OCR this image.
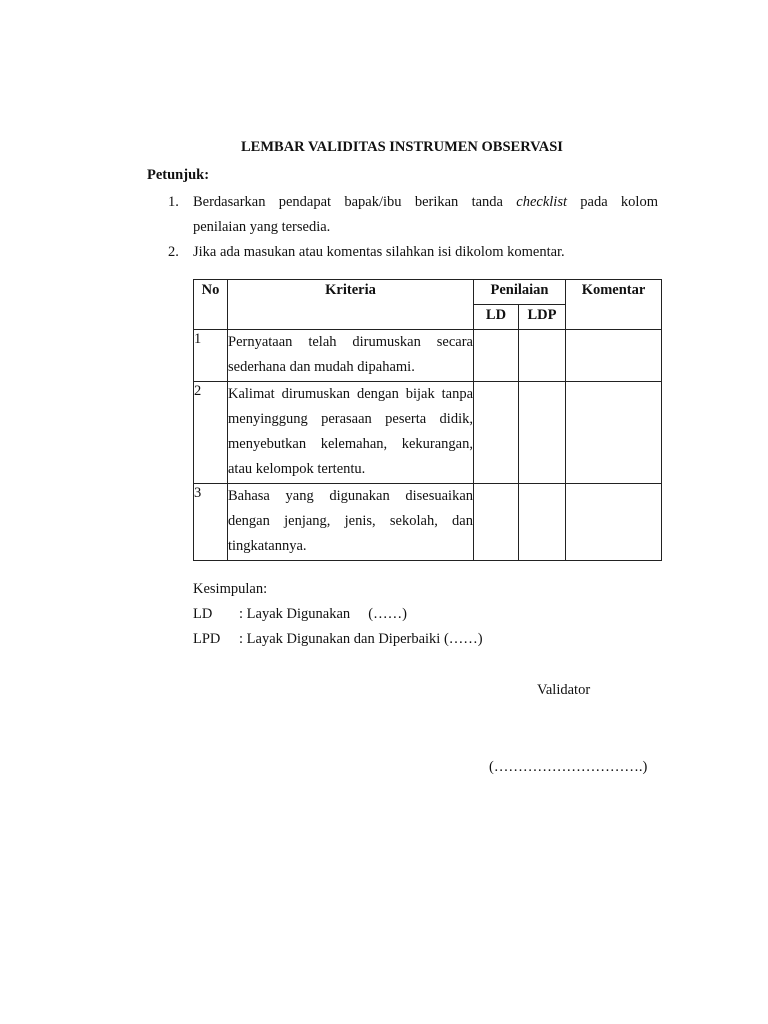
LEMBAR VALIDITAS INSTRUMEN OBSERVASI
Petunjuk:
1. Berdasarkan pendapat bapak/ibu berikan tanda checklist pada kolom
penilaian yang tersedia.
2. Jika ada masukan atau komentas silahkan isi dikolom komentar.
No	Kriteria	Penilaian		Komentar
		LD	LDP	
1	Pernyataan telah dirumuskan secara sederhana dan mudah dipahami.			
2	Kalimat dirumuskan dengan bijak tanpa menyinggung perasaan peserta didik, menyebutkan kelemahan, kekurangan, atau kelompok tertentu.			
3	Bahasa yang digunakan disesuaikan dengan jenjang, jenis, sekolah, dan tingkatannya.			
Kesimpulan:
LD : Layak Digunakan     (……)
LPD : Layak Digunakan dan Diperbaiki (……)
Validator
(………………………….)
